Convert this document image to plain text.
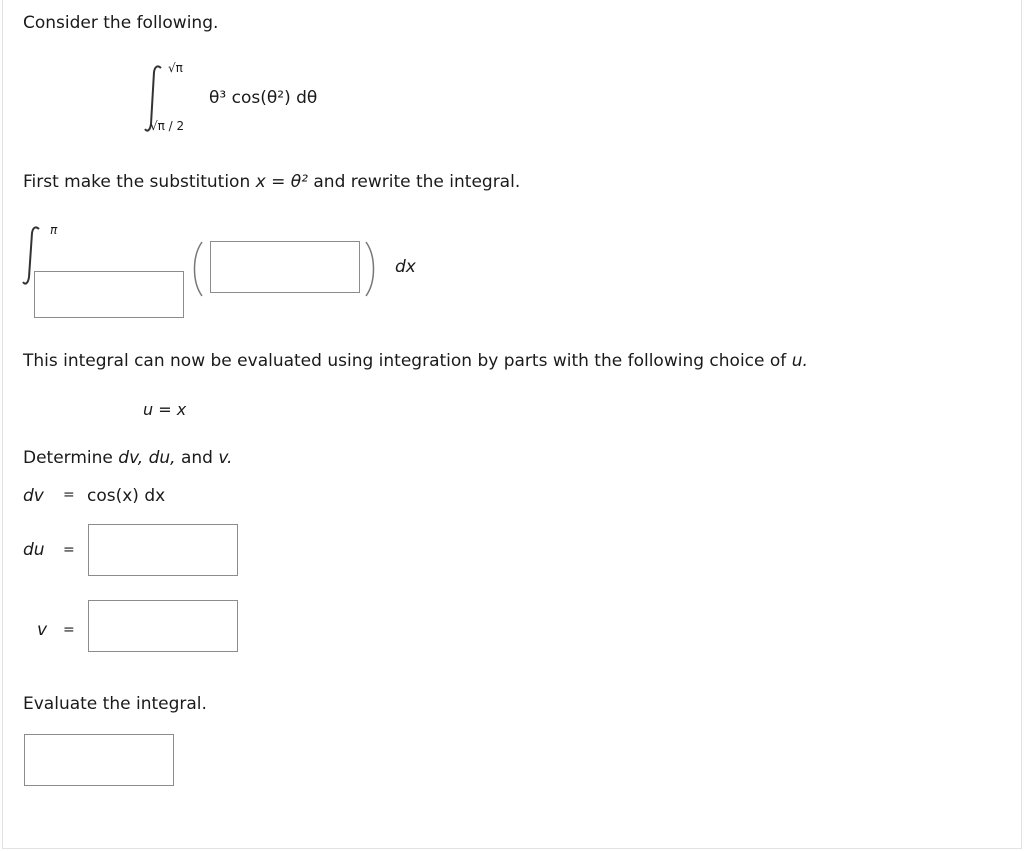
Consider the following.
√π
√π / 2
θ³ cos(θ²) dθ
First make the substitution x = θ² and rewrite the integral.
π
dx
This integral can now be evaluated using integration by parts with the following choice of u.
u = x
Determine dv, du, and v.
dv = cos(x) dx
du =
v =
Evaluate the integral.
